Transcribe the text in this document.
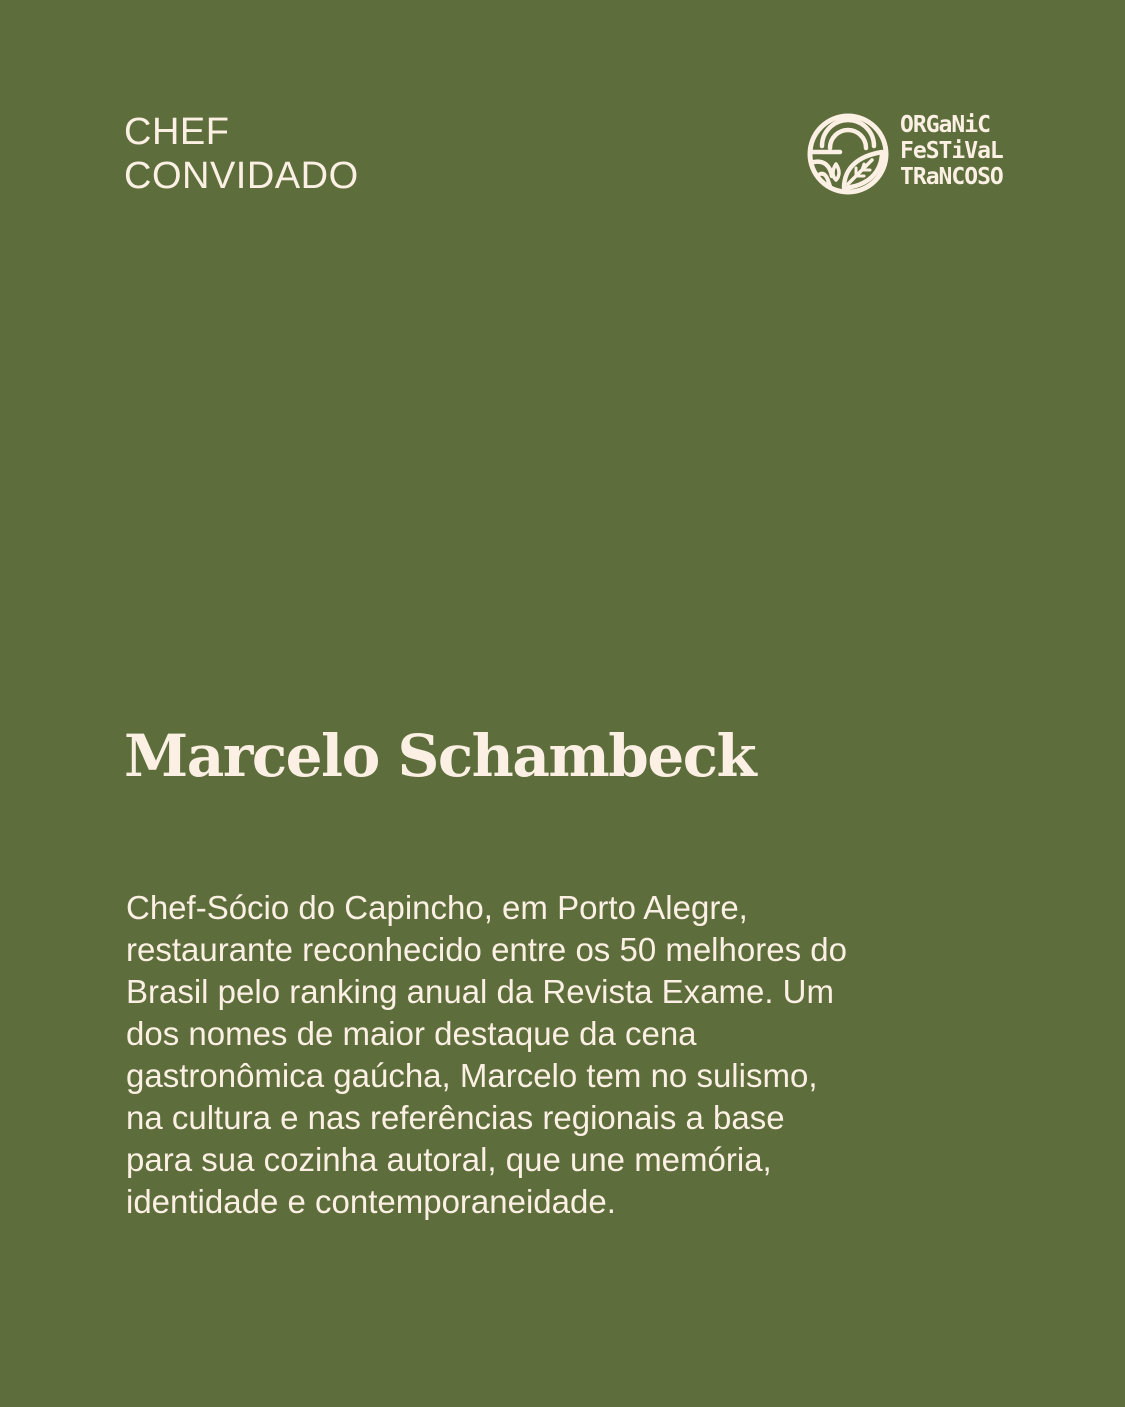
CHEF
CONVIDADO
ORGaNiC
FeSTiVaL
TRaNCOSO
Marcelo Schambeck

Chef-Sócio do Capincho, em Porto Alegre, restaurante reconhecido entre os 50 melhores do Brasil pelo ranking anual da Revista Exame. Um dos nomes de maior destaque da cena gastronômica gaúcha, Marcelo tem no sulismo, na cultura e nas referências regionais a base para sua cozinha autoral, que une memória, identidade e contemporaneidade.
